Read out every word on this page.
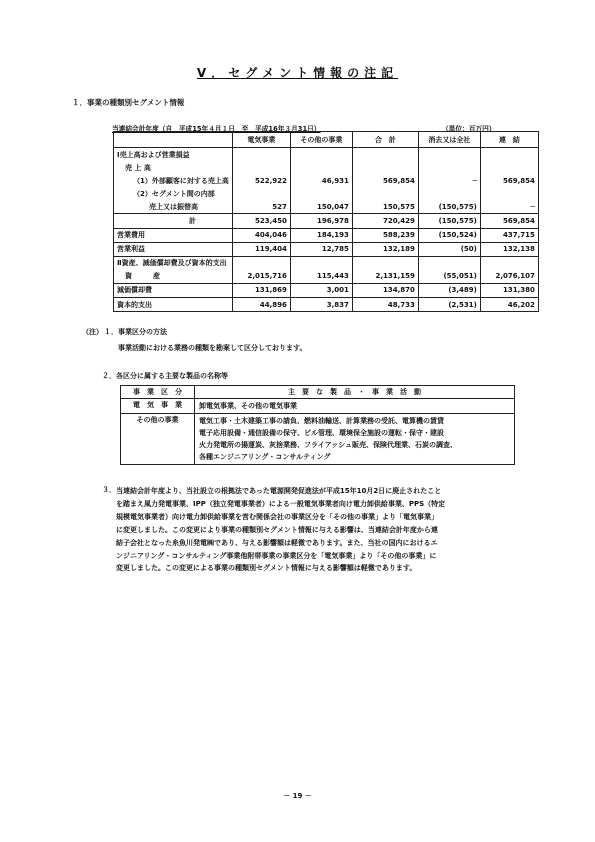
Ⅴ．セグメント情報の注記
１．事業の種類別セグメント情報
当連結会計年度（自　平成15年４月１日　至　平成16年３月31日）	（単位：百万円）
	電気事業	その他の事業	合　計	消去又は全社	連　結
Ⅰ売上高および営業損益					
売 上 高					
（1）外部顧客に対する売上高	522,922	46,931	569,854	─	569,854
（2）セグメント間の内部					
売上又は振替高	527	150,047	150,575	(150,575)	─
計	523,450	196,978	720,429	(150,575)	569,854
営業費用	404,046	184,193	588,239	(150,524)	437,715
営業利益	119,404	12,785	132,189	(50)	132,138
Ⅱ資産、減価償却費及び資本的支出					
資　　　産	2,015,716	115,443	2,131,159	(55,051)	2,076,107
減価償却費	131,869	3,001	134,870	(3,489)	131,380
資本的支出	44,896	3,837	48,733	(2,531)	46,202
（注） １．事業区分の方法
事業活動における業務の種類を勘案して区分しております。
２．各区分に属する主要な製品の名称等
事　業　区　分	主　要　な　製　品　・　事　業　活　動
電　気　事　業	卸電気事業、その他の電気事業

その他の事業	電気工事・土木建築工事の請負、燃料油輸送、計算業務の受託、電算機の賃貸
電子応用設備・通信設備の保守、ビル管理、環境保全施設の運転・保守・建設
火力発電所の揚運炭、灰捨業務、フライアッシュ販売、保険代理業、石炭の調査、
各種エンジニアリング・コンサルティング
３． 当連結会計年度より、当社設立の根拠法であった電源開発促進法が平成15年10月2日に廃止されたこと
を踏まえ風力発電事業、IPP（独立発電事業者）による一般電気事業者向け電力卸供給事業、PPS（特定
規模電気事業者）向け電力卸供給事業を営む関係会社の事業区分を「その他の事業」より「電気事業」
に変更しました。この変更により事業の種類別セグメント情報に与える影響は、当連結会計年度から連
結子会社となった糸魚川発電㈱であり、与える影響額は軽微であります。また、当社の国内におけるエ
ンジニアリング・コンサルティング事業他附帯事業の事業区分を「電気事業」より「その他の事業」に
変更しました。この変更による事業の種類別セグメント情報に与える影響額は軽微であります。
－ 19 －
